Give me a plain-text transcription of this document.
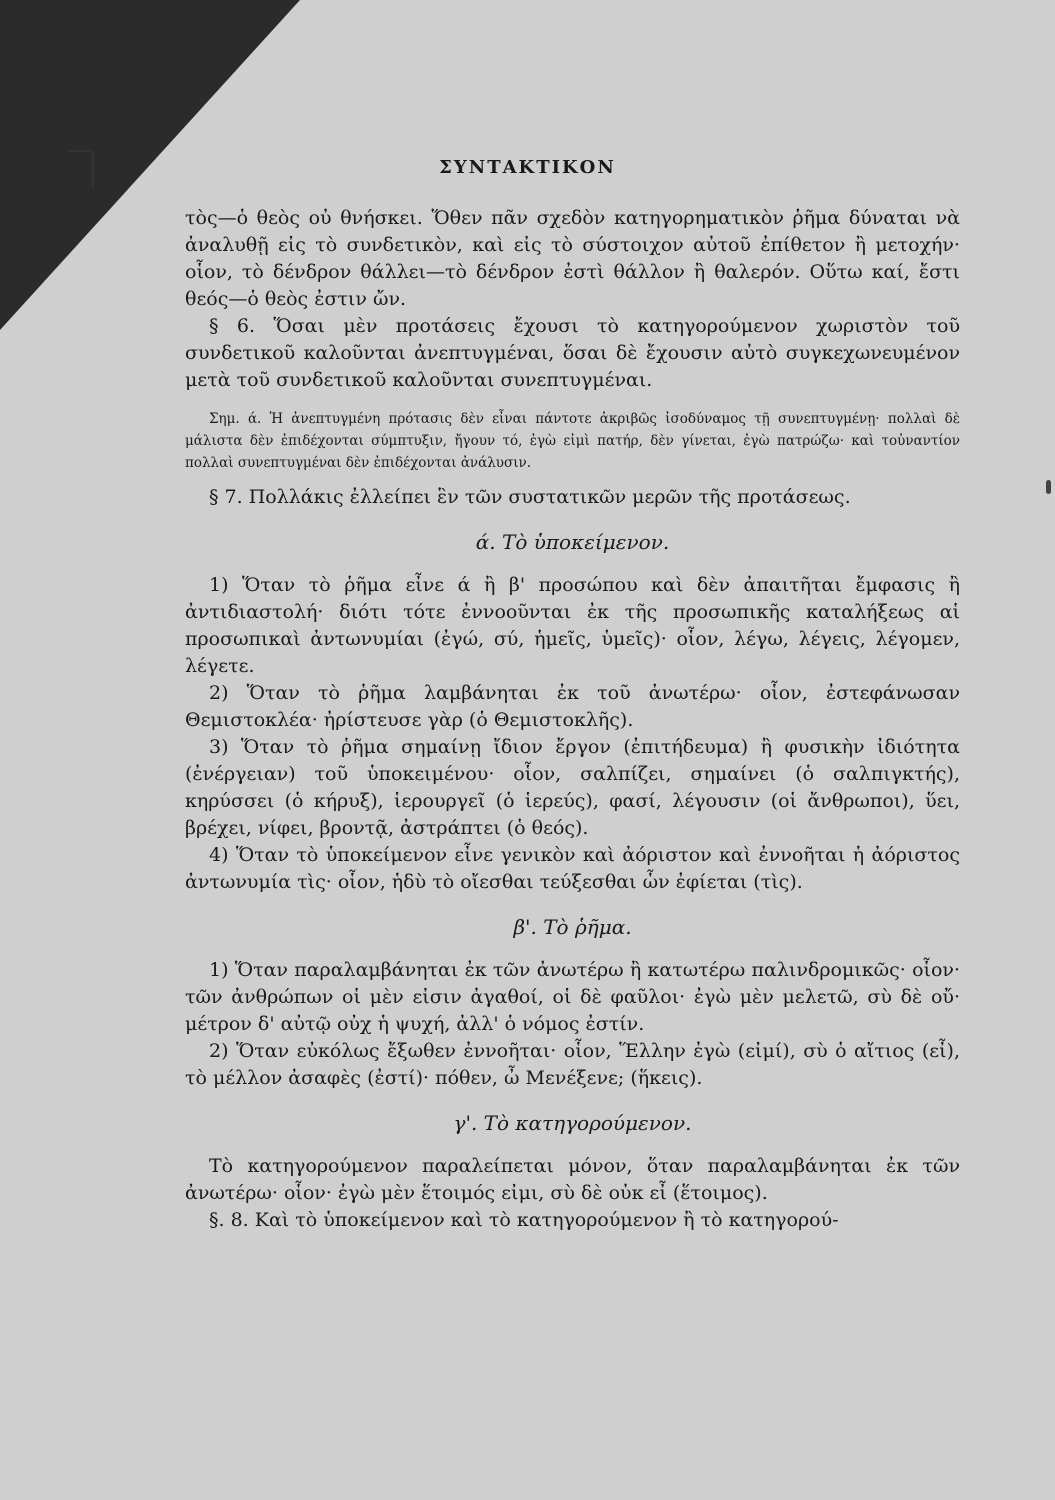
ΣΥΝΤΑΚΤΙΚΟΝ

τὸς—ὁ θεὸς οὐ θνήσκει. Ὅθεν πᾶν σχεδὸν κατηγορηματικὸν ῥῆμα δύναται νὰ ἀναλυθῇ εἰς τὸ συνδετικὸν, καὶ εἰς τὸ σύστοιχον αὐτοῦ ἐπίθετον ἢ μετοχήν· οἷον, τὸ δένδρον θάλλει—τὸ δένδρον ἐστὶ θάλλον ἢ θαλερόν. Οὕτω καί, ἔστι θεός—ὁ θεὸς ἐστιν ὤν.

§ 6. Ὅσαι μὲν προτάσεις ἔχουσι τὸ κατηγορούμενον χωριστὸν τοῦ συνδετικοῦ καλοῦνται ἀνεπτυγμέναι, ὅσαι δὲ ἔχουσιν αὐτὸ συγκεχωνευμένον μετὰ τοῦ συνδετικοῦ καλοῦνται συνεπτυγμέναι.

Σημ. ά. Ἡ ἀνεπτυγμένη πρότασις δὲν εἶναι πάντοτε ἀκριβῶς ἰσοδύναμος τῇ συνεπτυγμένῃ· πολλαὶ δὲ μάλιστα δὲν ἐπιδέχονται σύμπτυξιν, ἤγουν τό, ἐγὼ εἰμὶ πατήρ, δὲν γίνεται, ἐγὼ πατρώζω· καὶ τοὐναντίον πολλαὶ συνεπτυγμέναι δὲν ἐπιδέχονται ἀνάλυσιν.

§ 7. Πολλάκις ἐλλείπει ἓν τῶν συστατικῶν μερῶν τῆς προτάσεως.

ά. Τὸ ὑποκείμενον.

1) Ὅταν τὸ ῥῆμα εἶνε ά ἢ β' προσώπου καὶ δὲν ἀπαιτῆται ἔμφασις ἢ ἀντιδιαστολή· διότι τότε ἐννοοῦνται ἐκ τῆς προσωπικῆς καταλήξεως αἱ προσωπικαὶ ἀντωνυμίαι (ἐγώ, σύ, ἡμεῖς, ὑμεῖς)· οἷον, λέγω, λέγεις, λέγομεν, λέγετε.

2) Ὅταν τὸ ῥῆμα λαμβάνηται ἐκ τοῦ ἀνωτέρω· οἷον, ἐστεφάνωσαν Θεμιστοκλέα· ἠρίστευσε γὰρ (ὁ Θεμιστοκλῆς).

3) Ὅταν τὸ ῥῆμα σημαίνῃ ἴδιον ἔργον (ἐπιτήδευμα) ἢ φυσικὴν ἰδιότητα (ἐνέργειαν) τοῦ ὑποκειμένου· οἷον, σαλπίζει, σημαίνει (ὁ σαλπιγκτής), κηρύσσει (ὁ κήρυξ), ἱερουργεῖ (ὁ ἱερεύς), φασί, λέγουσιν (οἱ ἄνθρωποι), ὕει, βρέχει, νίφει, βροντᾷ, ἀστράπτει (ὁ θεός).

4) Ὅταν τὸ ὑποκείμενον εἶνε γενικὸν καὶ ἀόριστον καὶ ἐννοῆται ἡ ἀόριστος ἀντωνυμία τὶς· οἷον, ἡδὺ τὸ οἴεσθαι τεύξεσθαι ὧν ἐφίεται (τὶς).

β'. Τὸ ῥῆμα.

1) Ὅταν παραλαμβάνηται ἐκ τῶν ἀνωτέρω ἢ κατωτέρω παλινδρομικῶς· οἷον· τῶν ἀνθρώπων οἱ μὲν εἰσιν ἀγαθοί, οἱ δὲ φαῦλοι· ἐγὼ μὲν μελετῶ, σὺ δὲ οὔ· μέτρον δ' αὐτῷ οὐχ ἡ ψυχή, ἀλλ' ὁ νόμος ἐστίν.

2) Ὅταν εὐκόλως ἔξωθεν ἐννοῆται· οἷον, Ἕλλην ἐγὼ (εἰμί), σὺ ὁ αἴτιος (εἶ), τὸ μέλλον ἀσαφὲς (ἐστί)· πόθεν, ὦ Μενέξενε; (ἥκεις).

γ'. Τὸ κατηγορούμενον.

Τὸ κατηγορούμενον παραλείπεται μόνον, ὅταν παραλαμβάνηται ἐκ τῶν ἀνωτέρω· οἷον· ἐγὼ μὲν ἕτοιμός εἰμι, σὺ δὲ οὐκ εἶ (ἕτοιμος).

§. 8. Καὶ τὸ ὑποκείμενον καὶ τὸ κατηγορούμενον ἢ τὸ κατηγορού-
